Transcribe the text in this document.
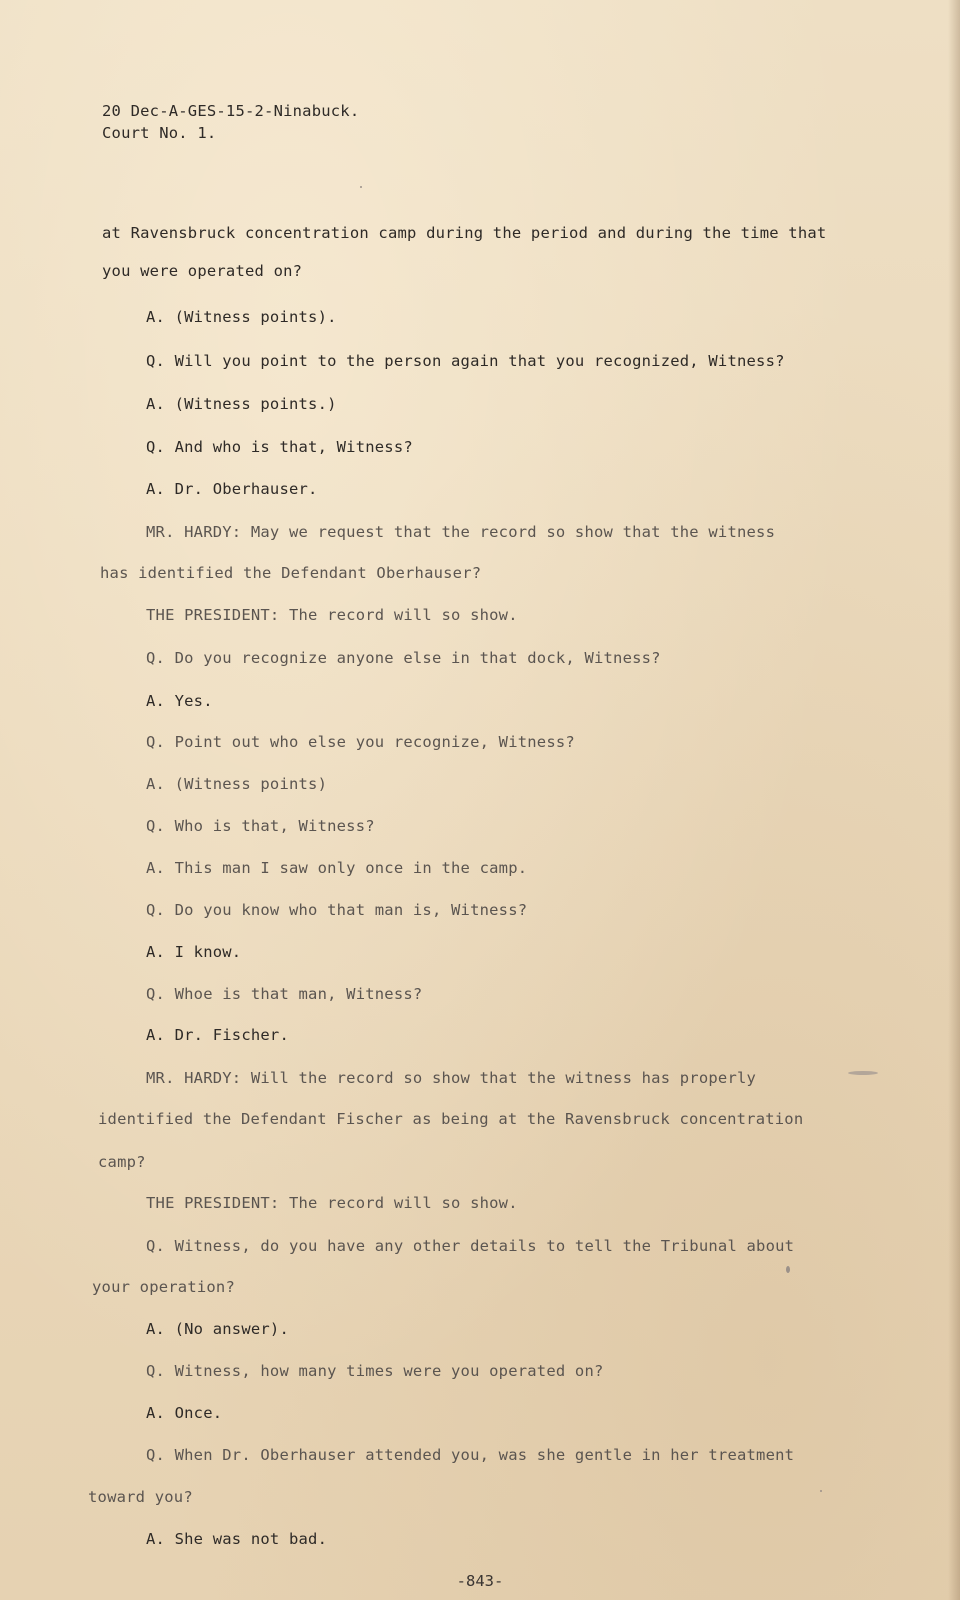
20 Dec-A-GES-15-2-Ninabuck.
Court No. 1.
at Ravensbruck concentration camp during the period and during the time that
you were operated on?
A. (Witness points).
Q. Will you point to the person again that you recognized, Witness?
A. (Witness points.)
Q. And who is that, Witness?
A. Dr. Oberhauser.
MR. HARDY: May we request that the record so show that the witness
has identified the Defendant Oberhauser?
THE PRESIDENT: The record will so show.
Q. Do you recognize anyone else in that dock, Witness?
A. Yes.
Q. Point out who else you recognize, Witness?
A. (Witness points)
Q. Who is that, Witness?
A. This man I saw only once in the camp.
Q. Do you know who that man is, Witness?
A. I know.
Q. Whoe is that man, Witness?
A. Dr. Fischer.
MR. HARDY: Will the record so show that the witness has properly
identified the Defendant Fischer as being at the Ravensbruck concentration
camp?
THE PRESIDENT: The record will so show.
Q. Witness, do you have any other details to tell the Tribunal about
your operation?
A. (No answer).
Q. Witness, how many times were you operated on?
A. Once.
Q. When Dr. Oberhauser attended you, was she gentle in her treatment
toward you?
A. She was not bad.
-843-
